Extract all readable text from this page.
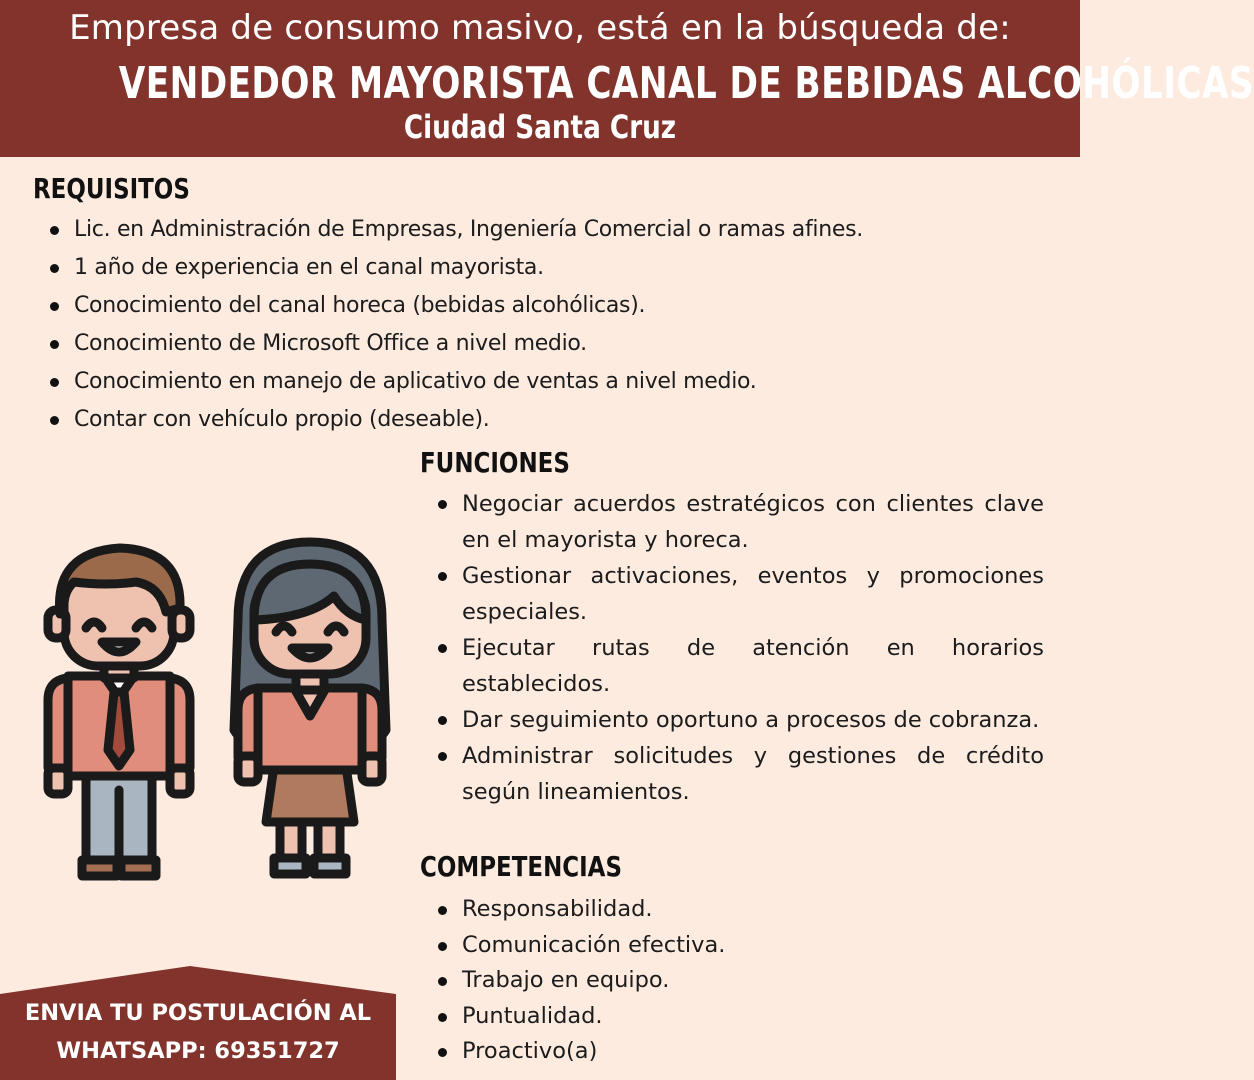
Empresa de consumo masivo, está en la búsqueda de:
VENDEDOR MAYORISTA CANAL DE BEBIDAS ALCOHÓLICAS
Ciudad Santa Cruz
REQUISITOS
Lic. en Administración de Empresas, Ingeniería Comercial o ramas afines.
1 año de experiencia en el canal mayorista.
Conocimiento del canal horeca (bebidas alcohólicas).
Conocimiento de Microsoft Office a nivel medio.
Conocimiento en manejo de aplicativo de ventas a nivel medio.
Contar con vehículo propio (deseable).
FUNCIONES
Negociar acuerdos estratégicos con clientes clave en el mayorista y horeca.
Gestionar activaciones, eventos y promociones especiales.
Ejecutar rutas de atención en horarios establecidos.
Dar seguimiento oportuno a procesos de cobranza.
Administrar solicitudes y gestiones de crédito según lineamientos.
COMPETENCIAS
Responsabilidad.
Comunicación efectiva.
Trabajo en equipo.
Puntualidad.
Proactivo(a)
ENVIA TU POSTULACIÓN AL
WHATSAPP: 69351727
